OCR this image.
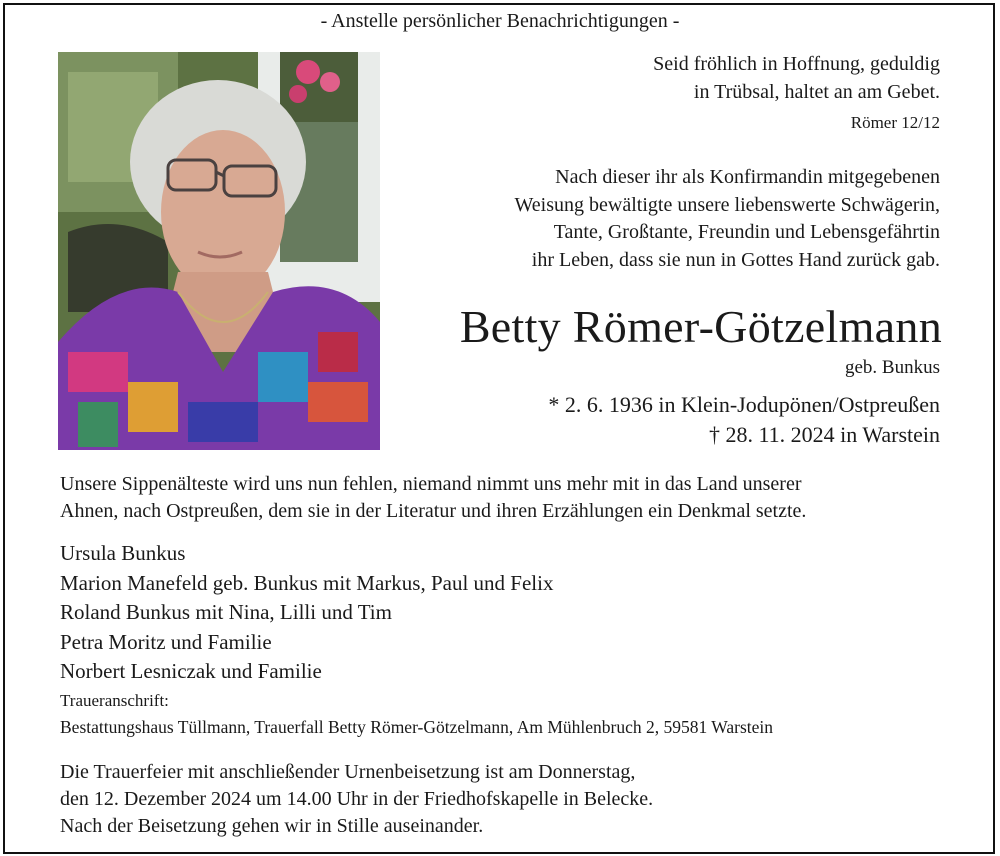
- Anstelle persönlicher Benachrichtigungen -

Seid fröhlich in Hoffnung, geduldig
in Trübsal, haltet an am Gebet.

Römer 12/12

Nach dieser ihr als Konfirmandin mitgegebenen
Weisung bewältigte unsere liebenswerte Schwägerin,
Tante, Großtante, Freundin und Lebensgefährtin
ihr Leben, dass sie nun in Gottes Hand zurück gab.

Betty Römer-Götzelmann

geb. Bunkus

* 2. 6. 1936 in Klein-Jodupönen/Ostpreußen
† 28. 11. 2024 in Warstein
Unsere Sippenälteste wird uns nun fehlen, niemand nimmt uns mehr mit in das Land unserer
Ahnen, nach Ostpreußen, dem sie in der Literatur und ihren Erzählungen ein Denkmal setzte.
Ursula Bunkus
Marion Manefeld geb. Bunkus mit Markus, Paul und Felix
Roland Bunkus mit Nina, Lilli und Tim
Petra Moritz und Familie
Norbert Lesniczak und Familie

Traueranschrift:

Bestattungshaus Tüllmann, Trauerfall Betty Römer-Götzelmann, Am Mühlenbruch 2, 59581 Warstein

Die Trauerfeier mit anschließender Urnenbeisetzung ist am Donnerstag,
den 12. Dezember 2024 um 14.00 Uhr in der Friedhofskapelle in Belecke.
Nach der Beisetzung gehen wir in Stille auseinander.
